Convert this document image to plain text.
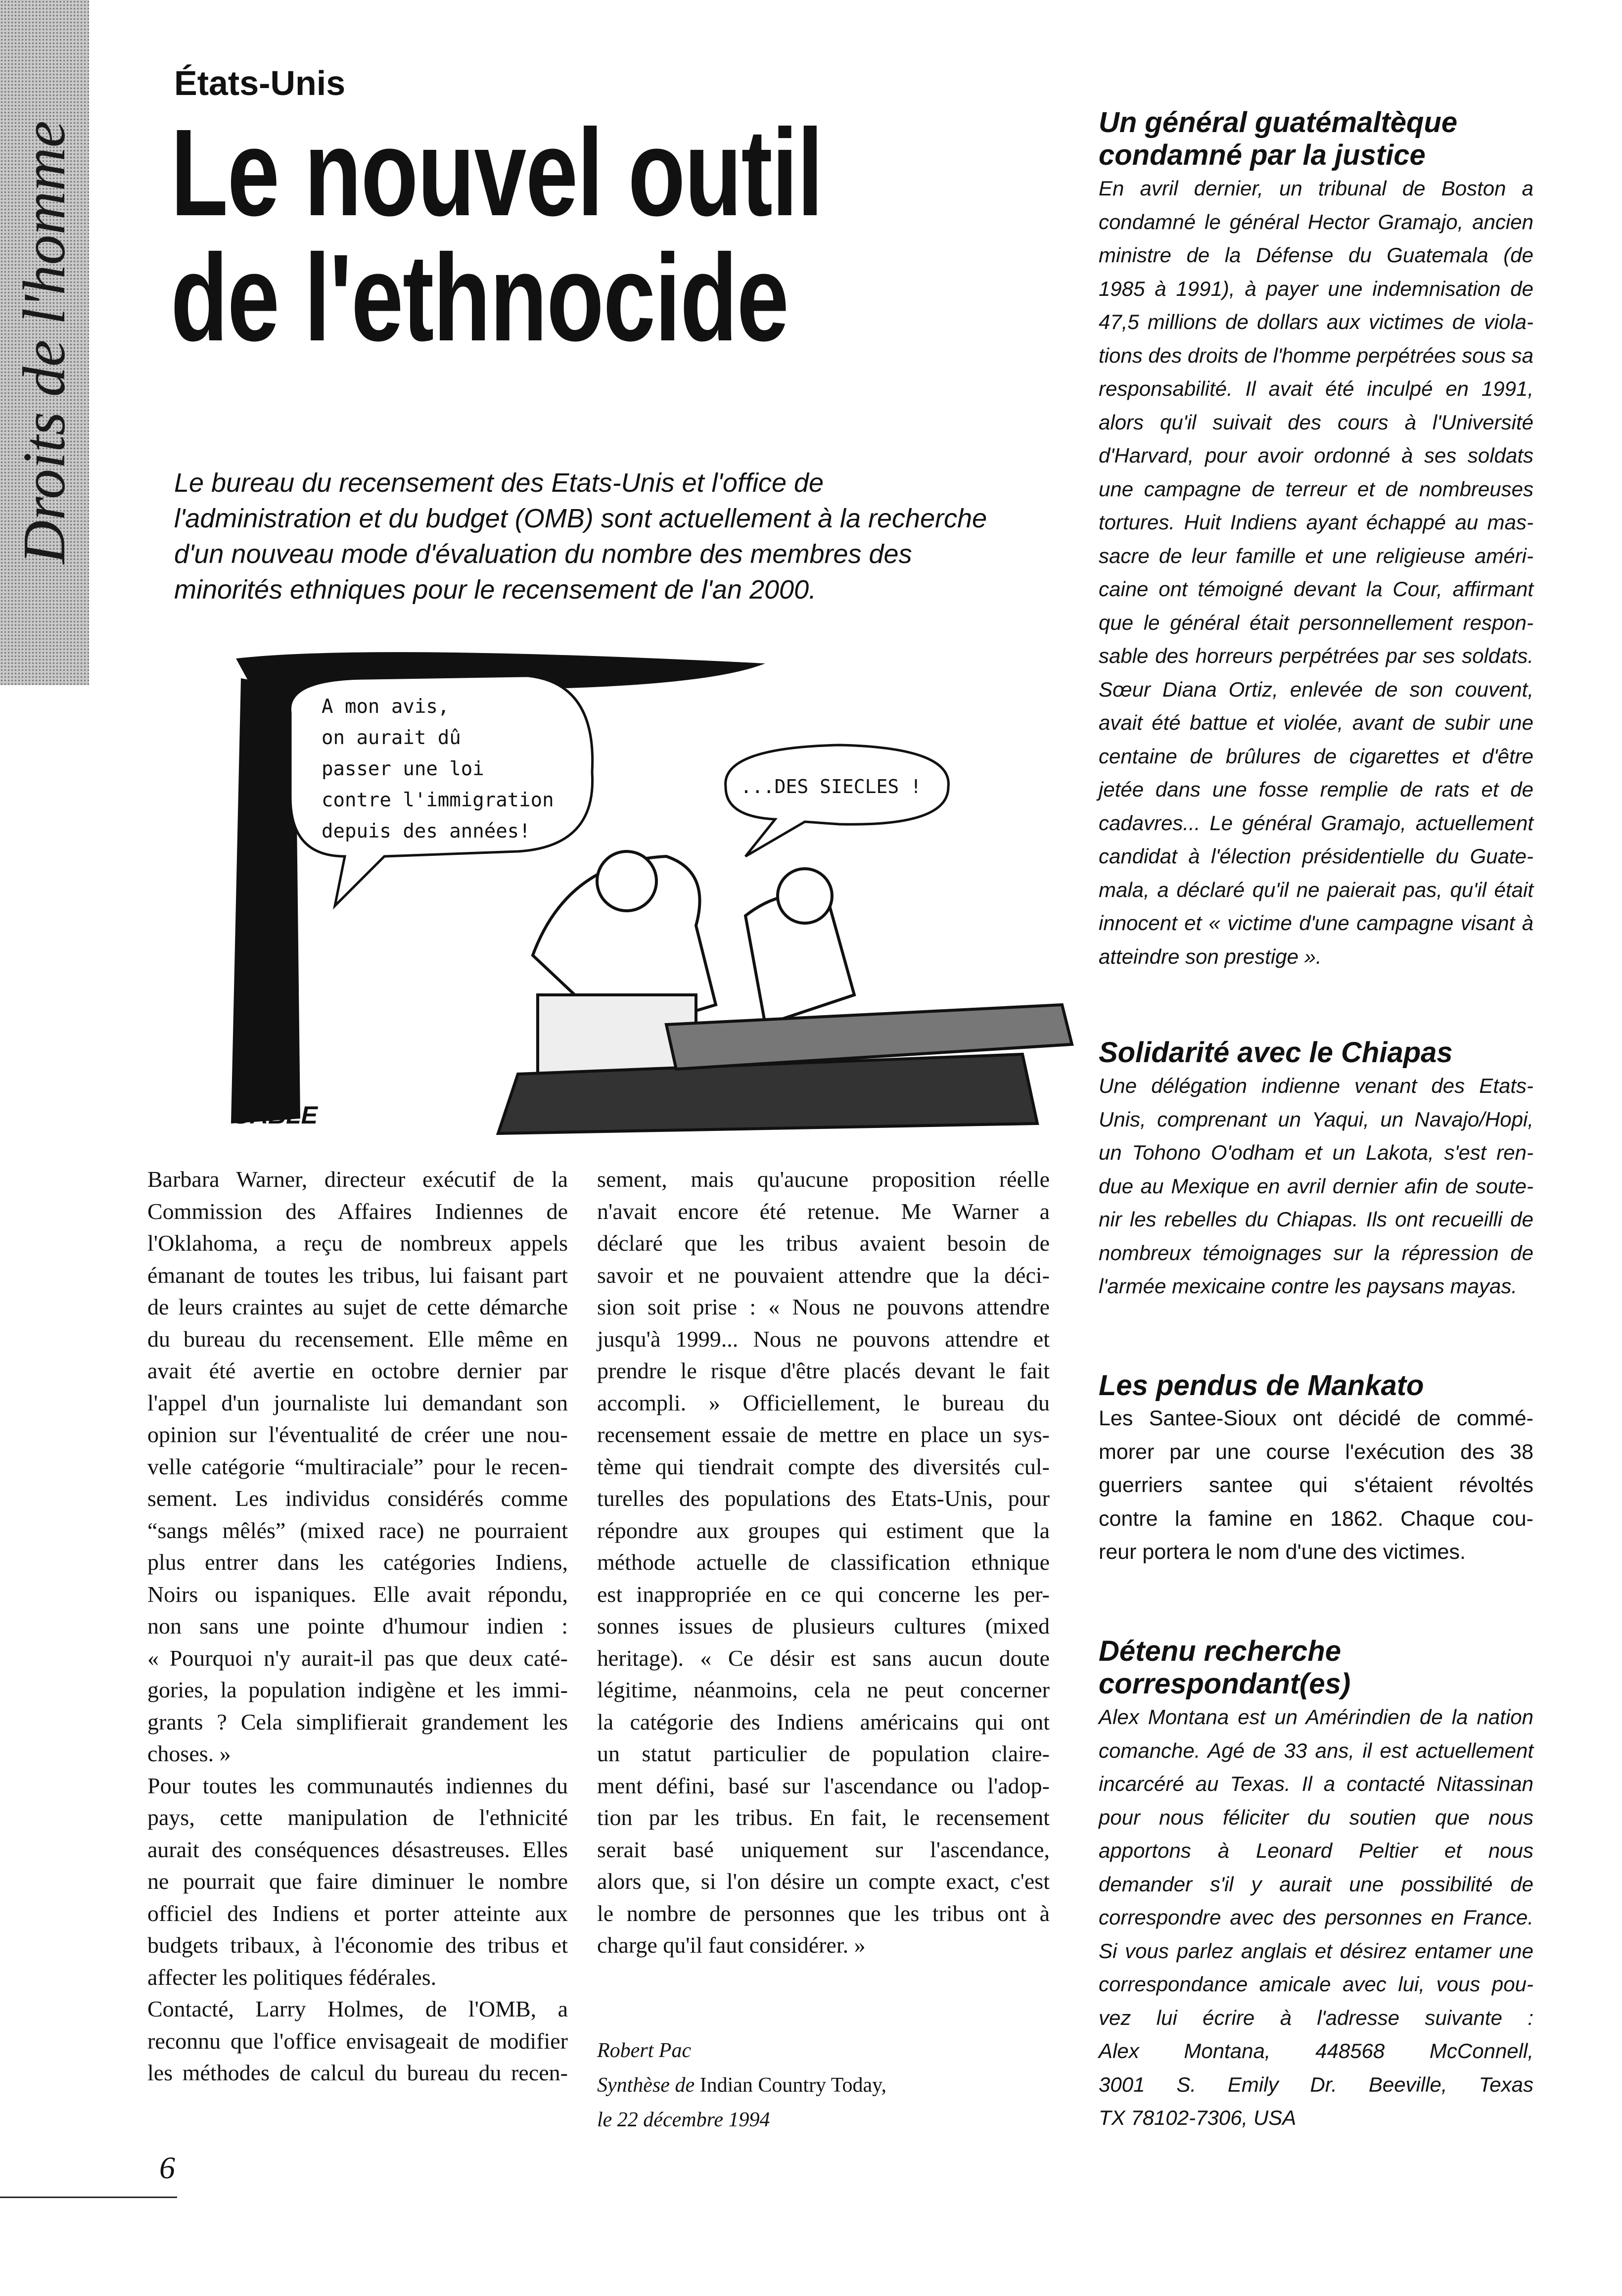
Droits de l'homme
États-Unis
Le nouvel outil
de l'ethnocide
Le bureau du recensement des Etats-Unis et l'office de l'administration et du budget (OMB) sont actuellement à la recherche d'un nouveau mode d'évaluation du nombre des membres des minorités ethniques pour le recensement de l'an 2000.
A mon avis,
on aurait dû
passer une loi
contre l'immigration
depuis des années!
...DES SIECLES !
GABLE
Barbara Warner, directeur exécutif de la
Commission des Affaires Indiennes de
l'Oklahoma, a reçu de nombreux appels
émanant de toutes les tribus, lui faisant part
de leurs craintes au sujet de cette démarche
du bureau du recensement. Elle même en
avait été avertie en octobre dernier par
l'appel d'un journaliste lui demandant son
opinion sur l'éventualité de créer une nou-
velle catégorie “multiraciale” pour le recen-
sement. Les individus considérés comme
“sangs mêlés” (mixed race) ne pourraient
plus entrer dans les catégories Indiens,
Noirs ou ispaniques. Elle avait répondu,
non sans une pointe d'humour indien :
« Pourquoi n'y aurait-il pas que deux caté-
gories, la population indigène et les immi-
grants ? Cela simplifierait grandement les
choses. »
Pour toutes les communautés indiennes du
pays, cette manipulation de l'ethnicité
aurait des conséquences désastreuses. Elles
ne pourrait que faire diminuer le nombre
officiel des Indiens et porter atteinte aux
budgets tribaux, à l'économie des tribus et
affecter les politiques fédérales.
Contacté, Larry Holmes, de l'OMB, a
reconnu que l'office envisageait de modifier
les méthodes de calcul du bureau du recen-
sement, mais qu'aucune proposition réelle
n'avait encore été retenue. Me Warner a
déclaré que les tribus avaient besoin de
savoir et ne pouvaient attendre que la déci-
sion soit prise : « Nous ne pouvons attendre
jusqu'à 1999... Nous ne pouvons attendre et
prendre le risque d'être placés devant le fait
accompli. » Officiellement, le bureau du
recensement essaie de mettre en place un sys-
tème qui tiendrait compte des diversités cul-
turelles des populations des Etats-Unis, pour
répondre aux groupes qui estiment que la
méthode actuelle de classification ethnique
est inappropriée en ce qui concerne les per-
sonnes issues de plusieurs cultures (mixed
heritage). « Ce désir est sans aucun doute
légitime, néanmoins, cela ne peut concerner
la catégorie des Indiens américains qui ont
un statut particulier de population claire-
ment défini, basé sur l'ascendance ou l'adop-
tion par les tribus. En fait, le recensement
serait basé uniquement sur l'ascendance,
alors que, si l'on désire un compte exact, c'est
le nombre de personnes que les tribus ont à
charge qu'il faut considérer. »
Robert Pac
Synthèse de Indian Country Today,
le 22 décembre 1994
Un général guatémaltèque
condamné par la justice
En avril dernier, un tribunal de Boston a
condamné le général Hector Gramajo, ancien
ministre de la Défense du Guatemala (de
1985 à 1991), à payer une indemnisation de
47,5 millions de dollars aux victimes de viola-
tions des droits de l'homme perpétrées sous sa
responsabilité. Il avait été inculpé en 1991,
alors qu'il suivait des cours à l'Université
d'Harvard, pour avoir ordonné à ses soldats
une campagne de terreur et de nombreuses
tortures. Huit Indiens ayant échappé au mas-
sacre de leur famille et une religieuse améri-
caine ont témoigné devant la Cour, affirmant
que le général était personnellement respon-
sable des horreurs perpétrées par ses soldats.
Sœur Diana Ortiz, enlevée de son couvent,
avait été battue et violée, avant de subir une
centaine de brûlures de cigarettes et d'être
jetée dans une fosse remplie de rats et de
cadavres... Le général Gramajo, actuellement
candidat à l'élection présidentielle du Guate-
mala, a déclaré qu'il ne paierait pas, qu'il était
innocent et « victime d'une campagne visant à
atteindre son prestige ».
Solidarité avec le Chiapas
Une délégation indienne venant des Etats-
Unis, comprenant un Yaqui, un Navajo/Hopi,
un Tohono O'odham et un Lakota, s'est ren-
due au Mexique en avril dernier afin de soute-
nir les rebelles du Chiapas. Ils ont recueilli de
nombreux témoignages sur la répression de
l'armée mexicaine contre les paysans mayas.
Les pendus de Mankato
Les Santee-Sioux ont décidé de commé-
morer par une course l'exécution des 38
guerriers santee qui s'étaient révoltés
contre la famine en 1862. Chaque cou-
reur portera le nom d'une des victimes.
Détenu recherche
correspondant(es)
Alex Montana est un Amérindien de la nation
comanche. Agé de 33 ans, il est actuellement
incarcéré au Texas. Il a contacté Nitassinan
pour nous féliciter du soutien que nous
apportons à Leonard Peltier et nous
demander s'il y aurait une possibilité de
correspondre avec des personnes en France.
Si vous parlez anglais et désirez entamer une
correspondance amicale avec lui, vous pou-
vez lui écrire à l'adresse suivante :
Alex Montana, 448568 McConnell,
3001 S. Emily Dr. Beeville, Texas
TX 78102-7306, USA
6
